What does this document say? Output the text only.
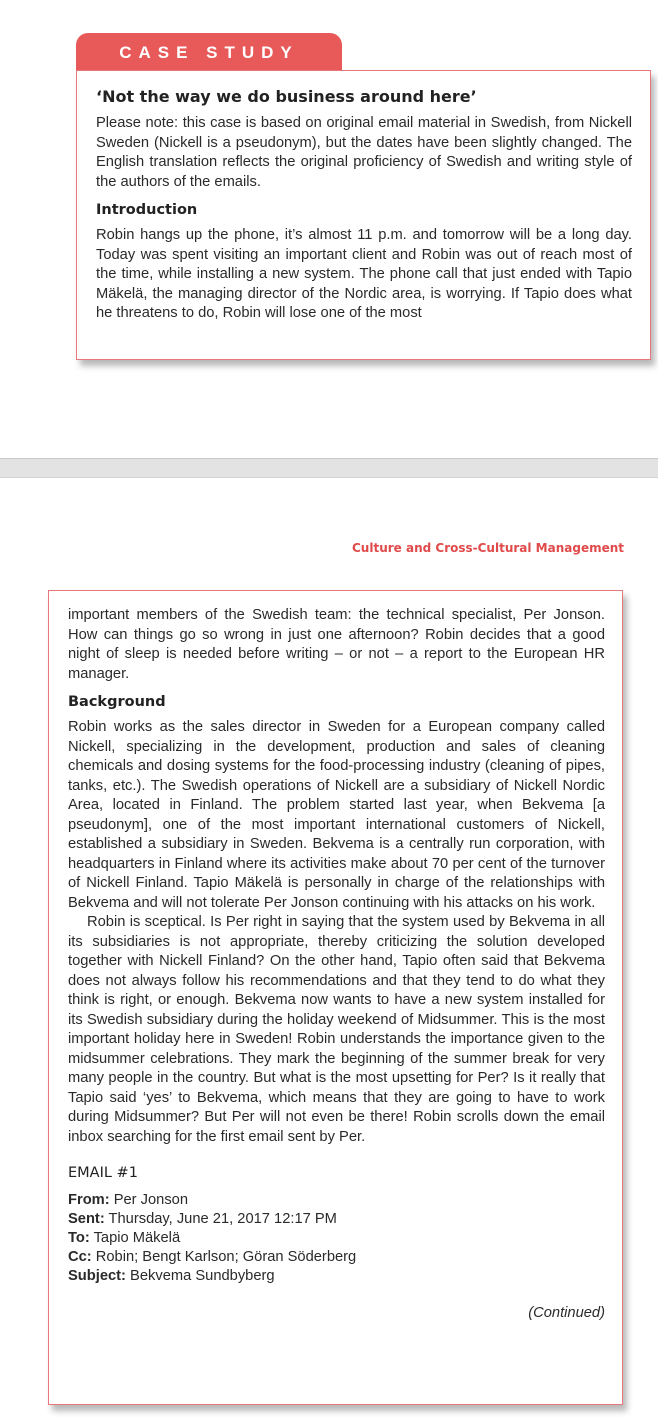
CASE STUDY
‘Not the way we do business around here’

Please note: this case is based on original email material in Swedish, from Nickell Sweden (Nickell is a pseudonym), but the dates have been slightly changed. The English translation reflects the original proficiency of Swedish and writing style of the authors of the emails.

Introduction

Robin hangs up the phone, it’s almost 11 p.m. and tomorrow will be a long day. Today was spent visiting an important client and Robin was out of reach most of the time, while installing a new system. The phone call that just ended with Tapio Mäkelä, the managing director of the Nordic area, is worrying. If Tapio does what he threatens to do, Robin will lose one of the most

Culture and Cross-Cultural Management

important members of the Swedish team: the technical specialist, Per Jonson. How can things go so wrong in just one afternoon? Robin decides that a good night of sleep is needed before writing – or not – a report to the European HR manager.

Background

Robin works as the sales director in Sweden for a European company called Nickell, specializing in the development, production and sales of cleaning chemicals and dosing systems for the food-processing industry (cleaning of pipes, tanks, etc.). The Swedish operations of Nickell are a subsidiary of Nickell Nordic Area, located in Finland. The problem started last year, when Bekvema [a pseudonym], one of the most important international customers of Nickell, established a subsidiary in Sweden. Bekvema is a centrally run corporation, with headquarters in Finland where its activities make about 70 per cent of the turnover of Nickell Finland. Tapio Mäkelä is personally in charge of the relationships with Bekvema and will not tolerate Per Jonson continuing with his attacks on his work.

Robin is sceptical. Is Per right in saying that the system used by Bekvema in all its subsidiaries is not appropriate, thereby criticizing the solution developed together with Nickell Finland? On the other hand, Tapio often said that Bekvema does not always follow his recommendations and that they tend to do what they think is right, or enough. Bekvema now wants to have a new system installed for its Swedish subsidiary during the holiday weekend of Midsummer. This is the most important holiday here in Sweden! Robin understands the importance given to the midsummer celebrations. They mark the beginning of the summer break for very many people in the country. But what is the most upsetting for Per? Is it really that Tapio said ‘yes’ to Bekvema, which means that they are going to have to work during Midsummer? But Per will not even be there! Robin scrolls down the email inbox searching for the first email sent by Per.

EMAIL #1
From: Per Jonson
Sent: Thursday, June 21, 2017 12:17 PM
To: Tapio Mäkelä
Cc: Robin; Bengt Karlson; Göran Söderberg
Subject: Bekvema Sundbyberg
(Continued)
